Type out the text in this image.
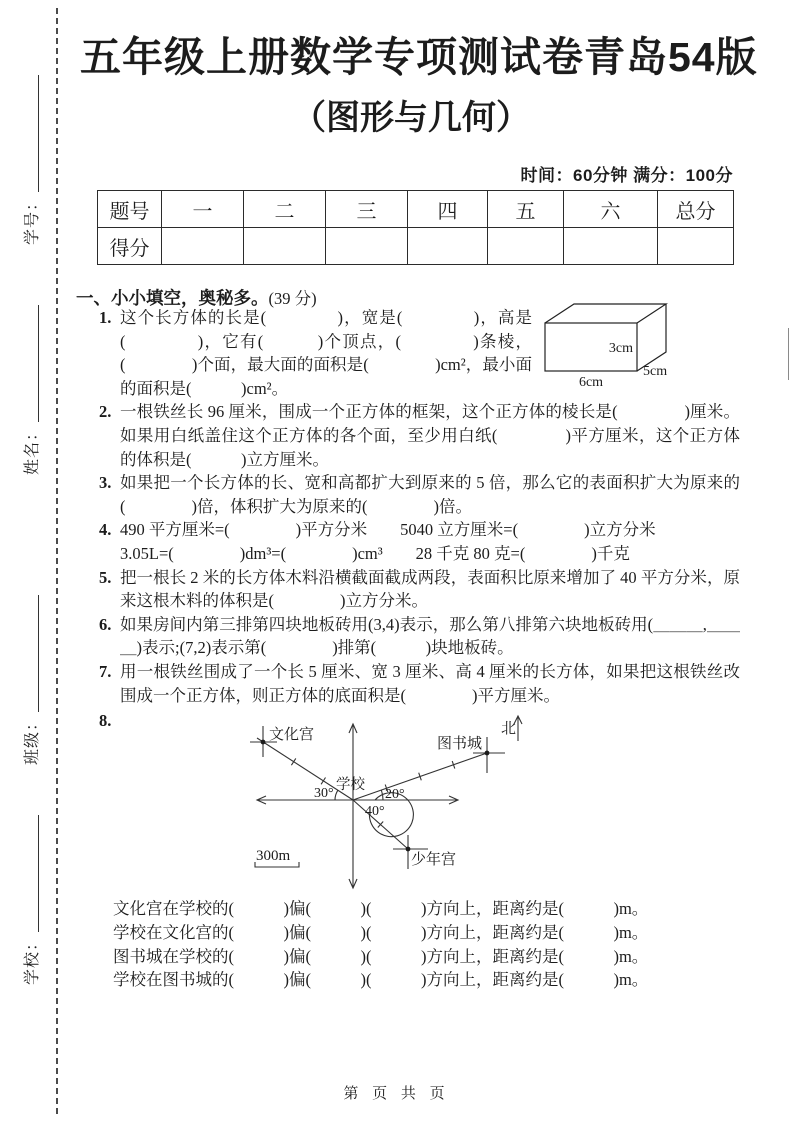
学号：
姓名：
班级：
学校：
五年级上册数学专项测试卷青岛54版
（图形与几何）
时间：60分钟 满分：100分
题号	一	二	三	四	五	六	总分
得分							
一、小小填空，奥秘多。(39 分)
1.
3cm
5cm
6cm
这个长方体的长是(　　　　)，宽是(　　　　)，高是(　　　　)，它有(　　　)个顶点，(　　　　)条棱，(　　　　)个面，最大面的面积是(　　　　)cm²，最小面的面积是(　　　)cm²。
2. 一根铁丝长 96 厘米，围成一个正方体的框架，这个正方体的棱长是(　　　　)厘米。如果用白纸盖住这个正方体的各个面，至少用白纸(　　　　)平方厘米，这个正方体的体积是(　　　)立方厘米。
3. 如果把一个长方体的长、宽和高都扩大到原来的 5 倍，那么它的表面积扩大为原来的(　　　　)倍，体积扩大为原来的(　　　　)倍。
4. 490 平方厘米=(　　　　)平方分米　　5040 立方厘米=(　　　　)立方分米
3.05L=(　　　　)dm³=(　　　　)cm³　　28 千克 80 克=(　　　　)千克
5. 把一根长 2 米的长方体木料沿横截面截成两段，表面积比原来增加了 40 平方分米，原来这根木料的体积是(　　　　)立方分米。
6. 如果房间内第三排第四块地板砖用(3,4)表示，那么第八排第六块地板砖用(＿＿＿,＿＿＿)表示;(7,2)表示第(　　　　)排第(　　　)块地板砖。
7. 用一根铁丝围成了一个长 5 厘米、宽 3 厘米、高 4 厘米的长方体，如果把这根铁丝改围成一个正方体，则正方体的底面积是(　　　　)平方厘米。
8.
文化宫
图书城
少年宫
学校
北
30°	20°
40°
300m
文化宫在学校的(　　　)偏(　　　)(　　　)方向上，距离约是(　　　)m。
学校在文化宫的(　　　)偏(　　　)(　　　)方向上，距离约是(　　　)m。
图书城在学校的(　　　)偏(　　　)(　　　)方向上，距离约是(　　　)m。
学校在图书城的(　　　)偏(　　　)(　　　)方向上，距离约是(　　　)m。
第 页 共 页
